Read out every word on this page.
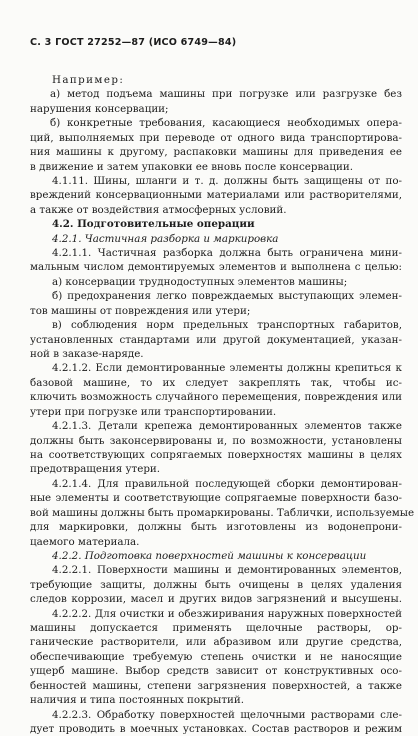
С. 3 ГОСТ 27252—87 (ИСО 6749—84)
Например:
а) метод подъема машины при погрузке или разгрузке без
нарушения консервации;
б) конкретные требования, касающиеся необходимых опера-
ций, выполняемых при переводе от одного вида транспортирова-
ния машины к другому, распаковки машины для приведения ее
в движение и затем упаковки ее вновь после консервации.
4.1.11. Шины, шланги и т. д. должны быть защищены от по-
вреждений консервационными материалами или растворителями,
а также от воздействия атмосферных условий.
4.2. Подготовительные операции
4.2.1. Частичная разборка и маркировка
4.2.1.1. Частичная разборка должна быть ограничена мини-
мальным числом демонтируемых элементов и выполнена с целью:
а) консервации труднодоступных элементов машины;
б) предохранения легко повреждаемых выступающих элемен-
тов машины от повреждения или утери;
в) соблюдения норм предельных транспортных габаритов,
установленных стандартами или другой документацией, указан-
ной в заказе-наряде.
4.2.1.2. Если демонтированные элементы должны крепиться к
базовой машине, то их следует закреплять так, чтобы ис-
ключить возможность случайного перемещения, повреждения или
утери при погрузке или транспортировании.
4.2.1.3. Детали крепежа демонтированных элементов также
должны быть законсервированы и, по возможности, установлены
на соответствующих сопрягаемых поверхностях машины в целях
предотвращения утери.
4.2.1.4. Для правильной последующей сборки демонтирован-
ные элементы и соответствующие сопрягаемые поверхности базо-
вой машины должны быть промаркированы. Таблички, используемые
для маркировки, должны быть изготовлены из водонепрони-
цаемого материала.
4.2.2. Подготовка поверхностей машины к консервации
4.2.2.1. Поверхности машины и демонтированных элементов,
требующие защиты, должны быть очищены в целях удаления
следов коррозии, масел и других видов загрязнений и высушены.
4.2.2.2. Для очистки и обезжиривания наружных поверхностей
машины допускается применять щелочные растворы, ор-
ганические растворители, или абразивом или другие средства,
обеспечивающие требуемую степень очистки и не наносящие
ущерб машине. Выбор средств зависит от конструктивных осо-
бенностей машины, степени загрязнения поверхностей, а также
наличия и типа постоянных покрытий.
4.2.2.3. Обработку поверхностей щелочными растворами сле-
дует проводить в моечных установках. Состав растворов и режим
